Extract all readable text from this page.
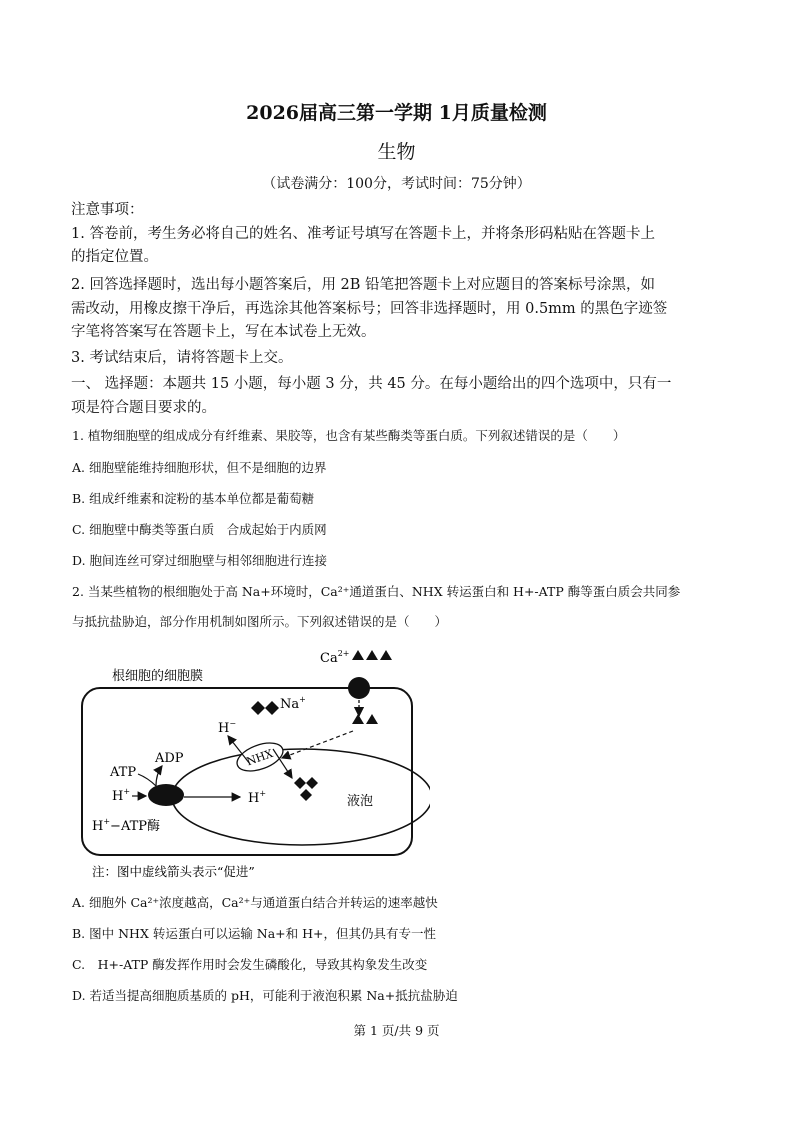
2026届高三第一学期 1月质量检测
生物
（试卷满分：100分，考试时间：75分钟）
注意事项：
1. 答卷前，考生务必将自己的姓名、准考证号填写在答题卡上，并将条形码粘贴在答题卡上
的指定位置。
2. 回答选择题时，选出每小题答案后，用 2B 铅笔把答题卡上对应题目的答案标号涂黑，如
需改动，用橡皮擦干净后，再选涂其他答案标号；回答非选择题时，用 0.5mm 的黑色字迹签
字笔将答案写在答题卡上，写在本试卷上无效。
3. 考试结束后，请将答题卡上交。
一、 选择题：本题共 15 小题，每小题 3 分，共 45 分。在每小题给出的四个选项中，只有一
项是符合题目要求的。
1. 植物细胞壁的组成成分有纤维素、果胶等，也含有某些酶类等蛋白质。下列叙述错误的是（　　）
A. 细胞壁能维持细胞形状，但不是细胞的边界
B. 组成纤维素和淀粉的基本单位都是葡萄糖
C. 细胞壁中酶类等蛋白质　合成起始于内质网
D. 胞间连丝可穿过细胞壁与相邻细胞进行连接
2. 当某些植物的根细胞处于高 Na+环境时，Ca²⁺通道蛋白、NHX 转运蛋白和 H+-ATP 酶等蛋白质会共同参
与抵抗盐胁迫，部分作用机制如图所示。下列叙述错误的是（　　）
根细胞的细胞膜
$Ca^{2+}$
Na+
H−
液泡
NHX
ADP
ATP
H+	H+
H+−ATP酶
注：图中虚线箭头表示“促进”
A. 细胞外 Ca²⁺浓度越高，Ca²⁺与通道蛋白结合并转运的速率越快
B. 图中 NHX 转运蛋白可以运输 Na+和 H+，但其仍具有专一性
C.　H+-ATP 酶发挥作用时会发生磷酸化，导致其构象发生改变
D. 若适当提高细胞质基质的 pH，可能利于液泡积累 Na+抵抗盐胁迫
第 1 页/共 9 页
